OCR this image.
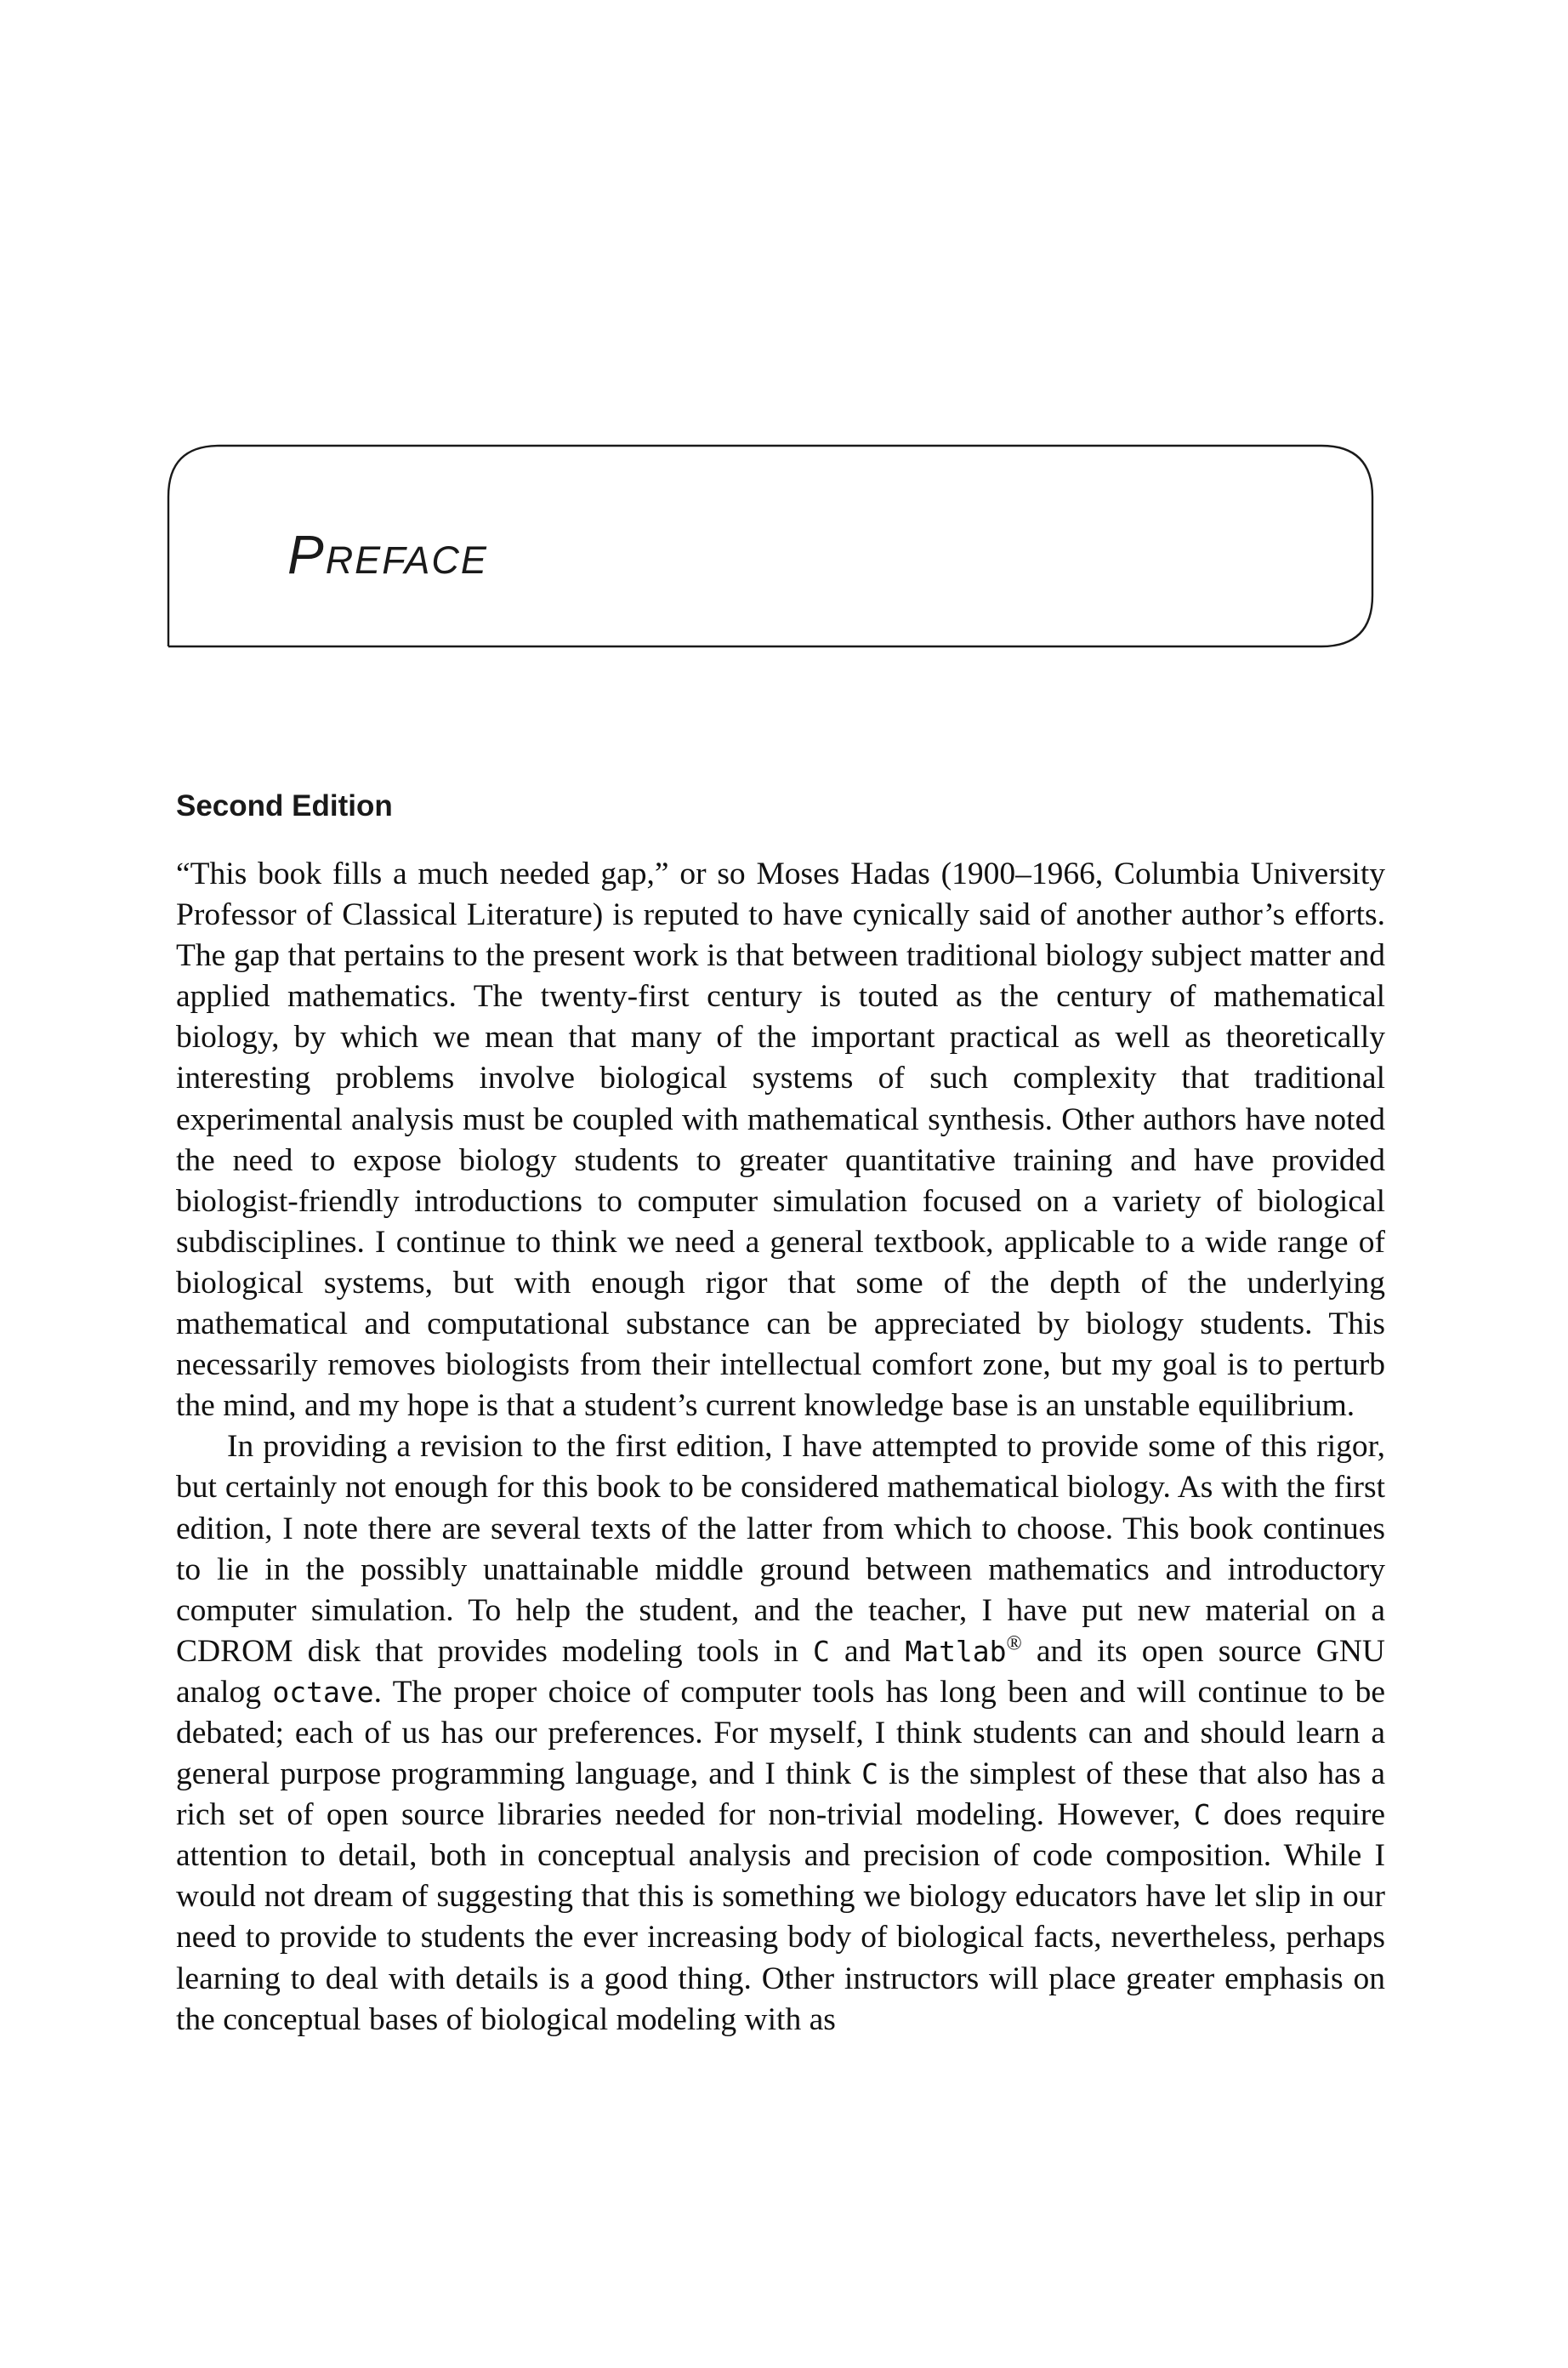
Preface
Second Edition

“This book fills a much needed gap,” or so Moses Hadas (1900–1966, Columbia University Professor of Classical Literature) is reputed to have cynically said of another author’s efforts. The gap that pertains to the present work is that between traditional biology subject matter and applied mathematics. The twenty-first century is touted as the century of mathematical biology, by which we mean that many of the important practical as well as theoretically interesting problems involve biological systems of such complexity that traditional experimental analysis must be coupled with mathematical synthesis. Other authors have noted the need to expose biology students to greater quantitative training and have provided biologist-friendly introductions to computer simulation focused on a variety of biological subdisciplines. I continue to think we need a general textbook, applicable to a wide range of biological systems, but with enough rigor that some of the depth of the underlying mathematical and computational substance can be appreciated by biology students. This necessarily removes biologists from their intellectual comfort zone, but my goal is to perturb the mind, and my hope is that a student’s current knowledge base is an unstable equilibrium.

In providing a revision to the first edition, I have attempted to provide some of this rigor, but certainly not enough for this book to be considered mathematical biology. As with the first edition, I note there are several texts of the latter from which to choose. This book continues to lie in the possibly unattainable middle ground between mathematics and introductory computer simulation. To help the student, and the teacher, I have put new material on a CDROM disk that provides modeling tools in C and Matlab® and its open source GNU analog octave. The proper choice of computer tools has long been and will continue to be debated; each of us has our preferences. For myself, I think students can and should learn a general purpose programming language, and I think C is the simplest of these that also has a rich set of open source libraries needed for non-trivial modeling. However, C does require attention to detail, both in conceptual analysis and precision of code composition. While I would not dream of suggesting that this is something we biology educators have let slip in our need to provide to students the ever increasing body of biological facts, nevertheless, perhaps learning to deal with details is a good thing. Other instructors will place greater emphasis on the conceptual bases of biological modeling with as
